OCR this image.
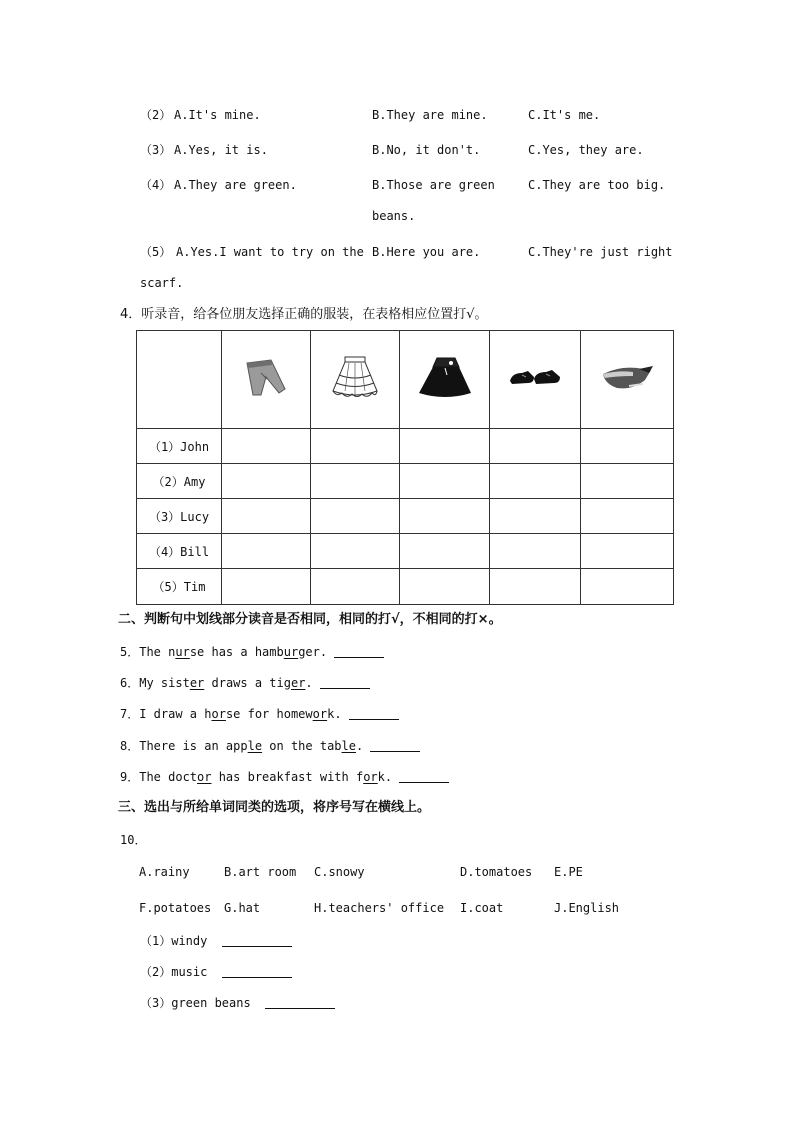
（2） A.It's mine.	B.They are mine.	C.It's me.
（3） A.Yes, it is.	B.No, it don't.	C.Yes, they are.
（4） A.They are green.	B.Those are green	C.They are too big.
beans.
（5） A.Yes.I want to try on the B.Here you are.	C.They're just right
scarf.
4．听录音，给各位朋友选择正确的服装，在表格相应位置打√。

（1）John					
（2）Amy					
（3）Lucy					
（4）Bill					
（5）Tim					
二、判断句中划线部分读音是否相同，相同的打√，不相同的打×。
5．The nurse has a hamburger.
6．My sister draws a tiger.
7．I draw a horse for homework.
8．There is an apple on the table.
9．The doctor has breakfast with fork.
三、选出与所给单词同类的选项，将序号写在横线上。
10．
A.rainy	B.art room C.snowy	D.tomatoes E.PE
F.potatoes G.hat	H.teachers' office I.coat	J.English
（1）windy
（2）music
（3）green beans
